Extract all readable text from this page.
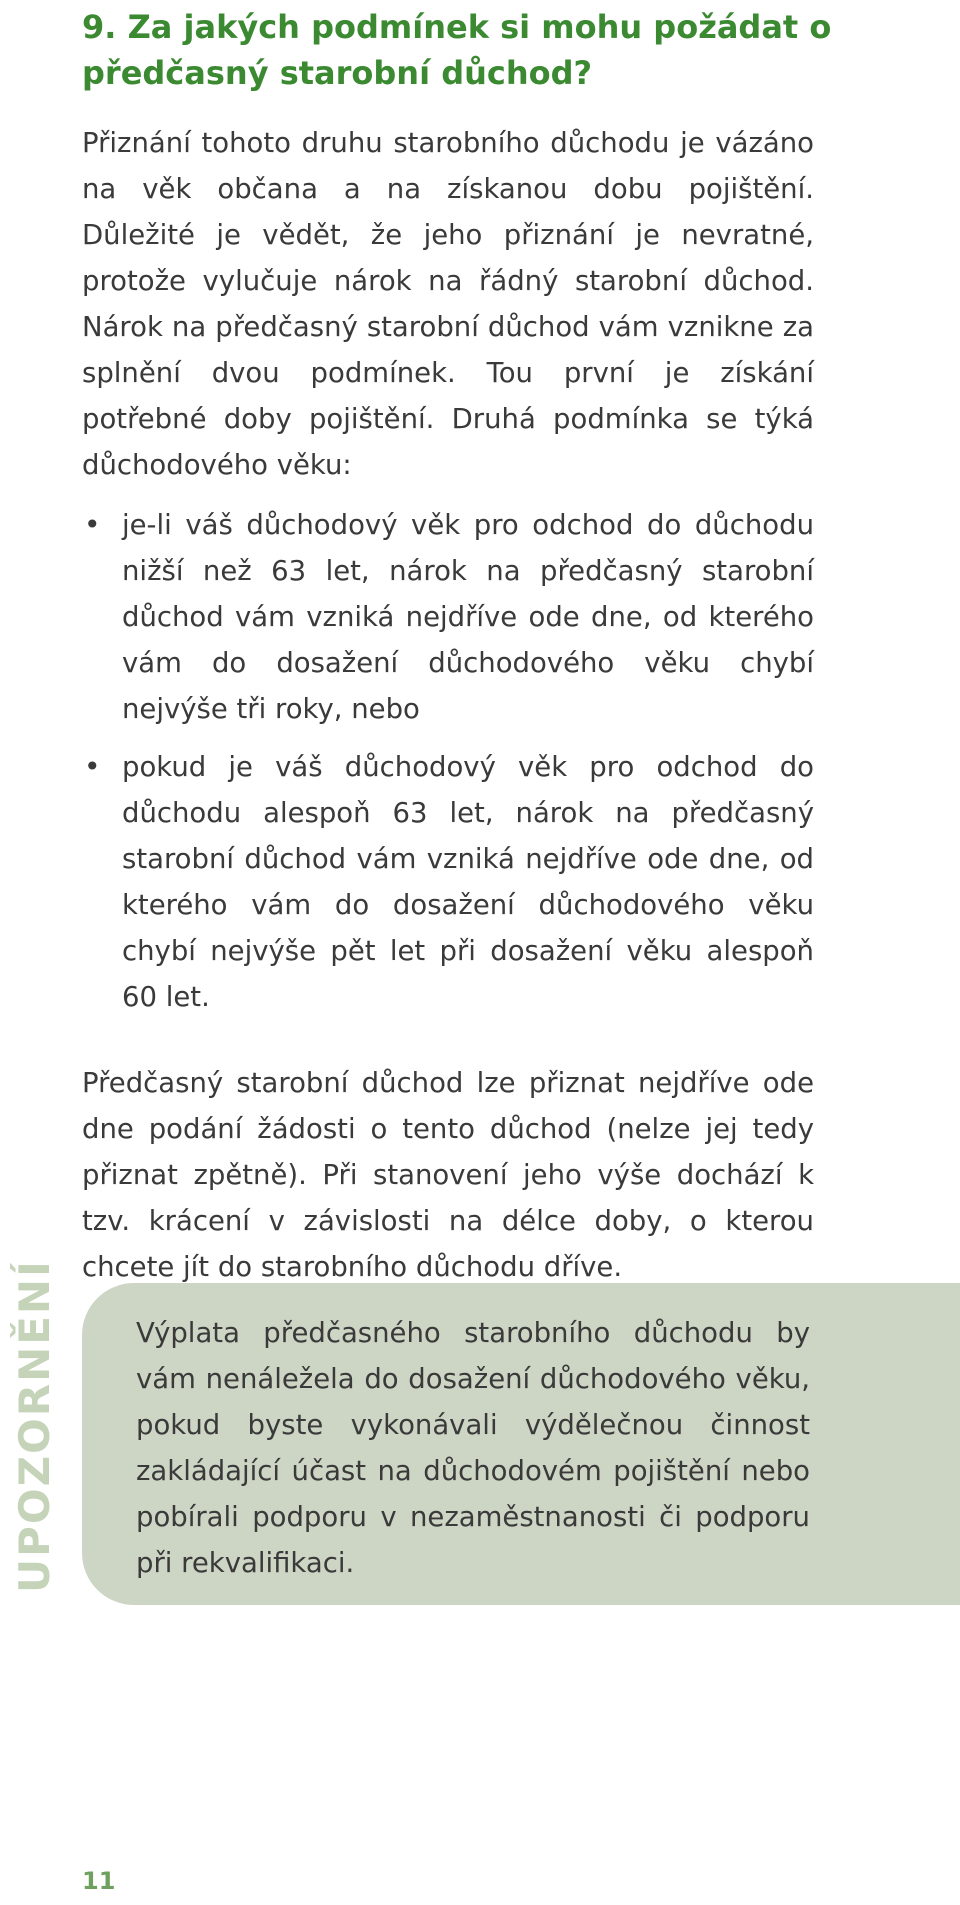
9. Za jakých podmínek si mohu požádat o předčasný starobní důchod?

Přiznání tohoto druhu starobního důchodu je vázáno na věk občana a na získanou dobu pojištění. Důležité je vědět, že jeho přiznání je nevratné, protože vylučuje nárok na řádný starobní důchod. Nárok na předčasný starobní důchod vám vznikne za splnění dvou podmínek. Tou první je získání potřebné doby pojištění. Druhá podmínka se týká důchodového věku:

• je-li váš důchodový věk pro odchod do důchodu nižší než 63 let, nárok na předčasný starobní důchod vám vzniká nejdříve ode dne, od kterého vám do dosažení důchodového věku chybí nejvýše tři roky, nebo
• pokud je váš důchodový věk pro odchod do důchodu alespoň 63 let, nárok na předčasný starobní důchod vám vzniká nejdříve ode dne, od kterého vám do dosažení důchodového věku chybí nejvýše pět let při dosažení věku alespoň 60 let.

Předčasný starobní důchod lze přiznat nejdříve ode dne podání žádosti o tento důchod (nelze jej tedy přiznat zpětně). Při stanovení jeho výše dochází k tzv. krácení v závislosti na délce doby, o kterou chcete jít do starobního důchodu dříve.

Výplata předčasného starobního důchodu by vám nenáležela do dosažení důchodového věku, pokud byste vykonávali výdělečnou činnost zakládající účast na důchodovém pojištění nebo pobírali podporu v nezaměstnanosti či podporu při rekvalifikaci.

UPOZORNĚNÍ
11
